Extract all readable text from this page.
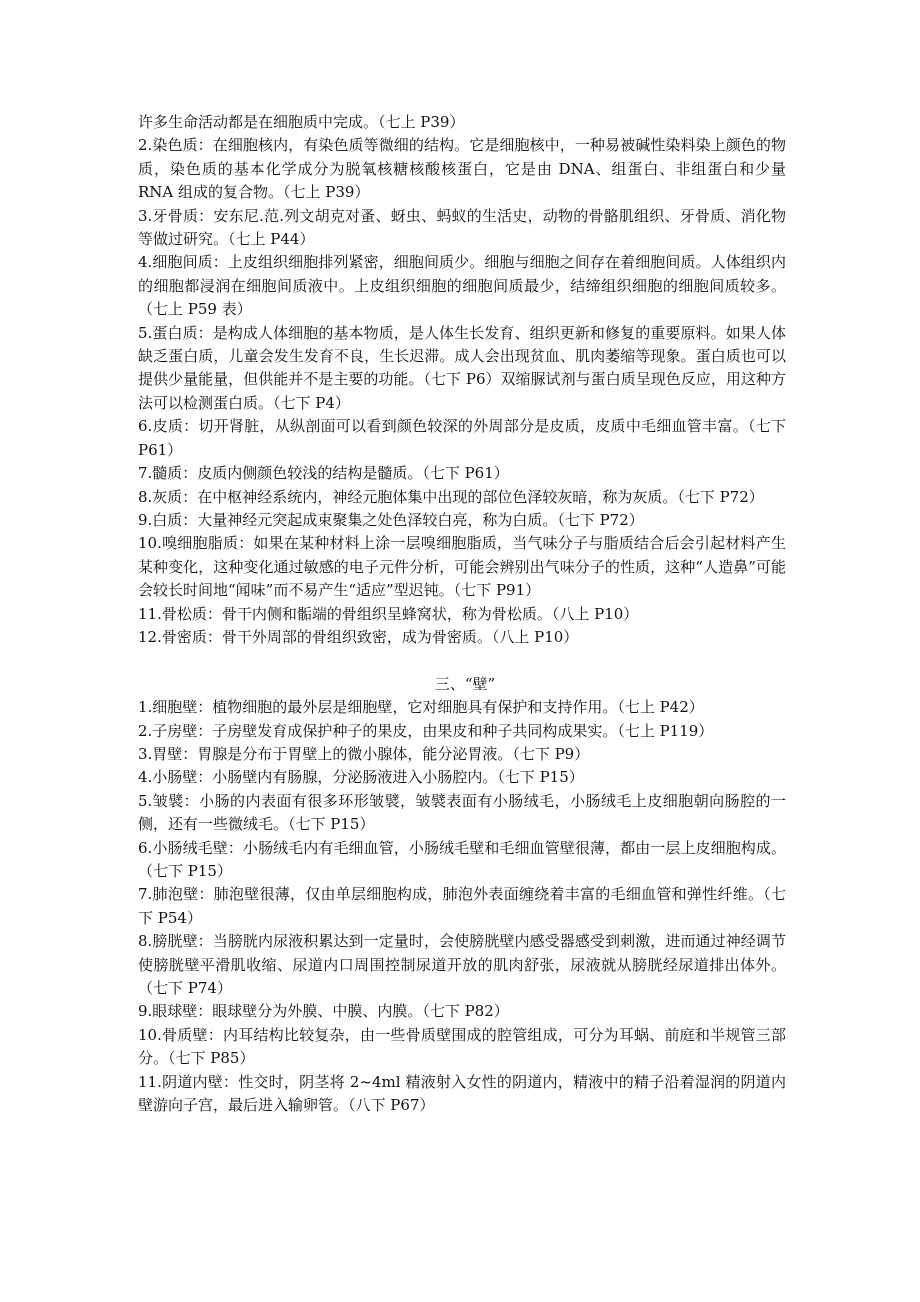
许多生命活动都是在细胞质中完成。（七上 P39）

2.染色质：在细胞核内，有染色质等微细的结构。它是细胞核中，一种易被碱性染料染上颜色的物质，染色质的基本化学成分为脱氧核糖核酸核蛋白，它是由 DNA、组蛋白、非组蛋白和少量 RNA 组成的复合物。（七上 P39）

3.牙骨质：安东尼.范.列文胡克对蚤、蚜虫、蚂蚁的生活史，动物的骨骼肌组织、牙骨质、消化物等做过研究。（七上 P44）

4.细胞间质：上皮组织细胞排列紧密，细胞间质少。细胞与细胞之间存在着细胞间质。人体组织内的细胞都浸润在细胞间质液中。上皮组织细胞的细胞间质最少，结缔组织细胞的细胞间质较多。（七上 P59 表）

5.蛋白质：是构成人体细胞的基本物质，是人体生长发育、组织更新和修复的重要原料。如果人体缺乏蛋白质，儿童会发生发育不良，生长迟滞。成人会出现贫血、肌肉萎缩等现象。蛋白质也可以提供少量能量，但供能并不是主要的功能。（七下 P6）双缩脲试剂与蛋白质呈现色反应，用这种方法可以检测蛋白质。（七下 P4）

6.皮质：切开肾脏，从纵剖面可以看到颜色较深的外周部分是皮质，皮质中毛细血管丰富。（七下 P61）

7.髓质：皮质内侧颜色较浅的结构是髓质。（七下 P61）

8.灰质：在中枢神经系统内，神经元胞体集中出现的部位色泽较灰暗，称为灰质。（七下 P72）

9.白质：大量神经元突起成束聚集之处色泽较白亮，称为白质。（七下 P72）

10.嗅细胞脂质：如果在某种材料上涂一层嗅细胞脂质，当气味分子与脂质结合后会引起材料产生某种变化，这种变化通过敏感的电子元件分析，可能会辨别出气味分子的性质，这种“人造鼻”可能会较长时间地“闻味”而不易产生“适应”型迟钝。（七下 P91）

11.骨松质：骨干内侧和骺端的骨组织呈蜂窝状，称为骨松质。（八上 P10）

12.骨密质：骨干外周部的骨组织致密，成为骨密质。（八上 P10）

三、“壁”

1.细胞壁：植物细胞的最外层是细胞壁，它对细胞具有保护和支持作用。（七上 P42）

2.子房壁：子房壁发育成保护种子的果皮，由果皮和种子共同构成果实。（七上 P119）

3.胃壁：胃腺是分布于胃壁上的微小腺体，能分泌胃液。（七下 P9）

4.小肠壁：小肠壁内有肠腺，分泌肠液进入小肠腔内。（七下 P15）

5.皱襞：小肠的内表面有很多环形皱襞，皱襞表面有小肠绒毛，小肠绒毛上皮细胞朝向肠腔的一侧，还有一些微绒毛。（七下 P15）

6.小肠绒毛壁：小肠绒毛内有毛细血管，小肠绒毛壁和毛细血管壁很薄，都由一层上皮细胞构成。（七下 P15）

7.肺泡壁：肺泡壁很薄，仅由单层细胞构成，肺泡外表面缠绕着丰富的毛细血管和弹性纤维。（七下 P54）

8.膀胱壁：当膀胱内尿液积累达到一定量时，会使膀胱壁内感受器感受到刺激，进而通过神经调节使膀胱壁平滑肌收缩、尿道内口周围控制尿道开放的肌肉舒张，尿液就从膀胱经尿道排出体外。（七下 P74）

9.眼球壁：眼球壁分为外膜、中膜、内膜。（七下 P82）

10.骨质壁：内耳结构比较复杂，由一些骨质壁围成的腔管组成，可分为耳蜗、前庭和半规管三部分。（七下 P85）

11.阴道内壁：性交时，阴茎将 2~4ml 精液射入女性的阴道内，精液中的精子沿着湿润的阴道内壁游向子宫，最后进入输卵管。（八下 P67）
